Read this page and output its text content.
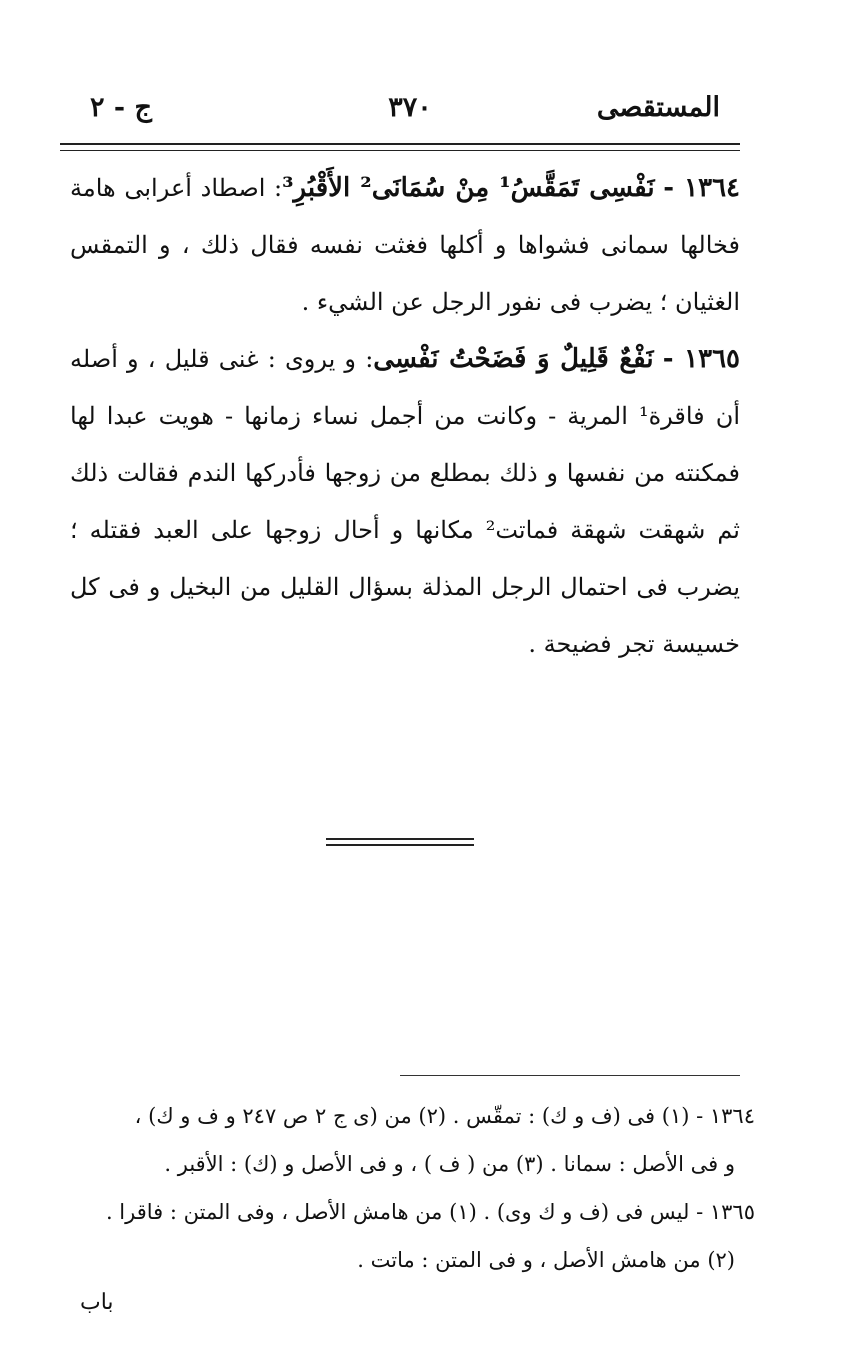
المستقصى
٣٧٠
ج - ٢

١٣٦٤ - نَفْسِى تَمَقَّسُ¹ مِنْ سُمَانَى² الأَقْبُرِ³: اصطاد أعرابى هامة فخالها سمانى فشواها و أكلها فغثت نفسه فقال ذلك ، و التمقس الغثيان ؛ يضرب فى نفور الرجل عن الشيء .

١٣٦٥ - نَفْعٌ قَلِيلٌ وَ فَضَحْتُ نَفْسِى: و يروى : غنى قليل ، و أصله أن فاقرة¹ المرية - وكانت من أجمل نساء زمانها - هويت عبدا لها فمكنته من نفسها و ذلك بمطلع من زوجها فأدركها الندم فقالت ذلك ثم شهقت شهقة فماتت² مكانها و أحال زوجها على العبد فقتله ؛ يضرب فى احتمال الرجل المذلة بسؤال القليل من البخيل و فى كل خسيسة تجر فضيحة .

١٣٦٤ - (١) فى (ف و ك) : تمقّس . (٢) من (ى ج ٢ ص ٢٤٧ و ف و ك) ،

و فى الأصل : سمانا . (٣) من ( ف ) ، و فى الأصل و (ك) : الأقبر .

١٣٦٥ - ليس فى (ف و ك وى) . (١) من هامش الأصل ، وفى المتن : فاقرا .

(٢) من هامش الأصل ، و فى المتن : ماتت .

باب
